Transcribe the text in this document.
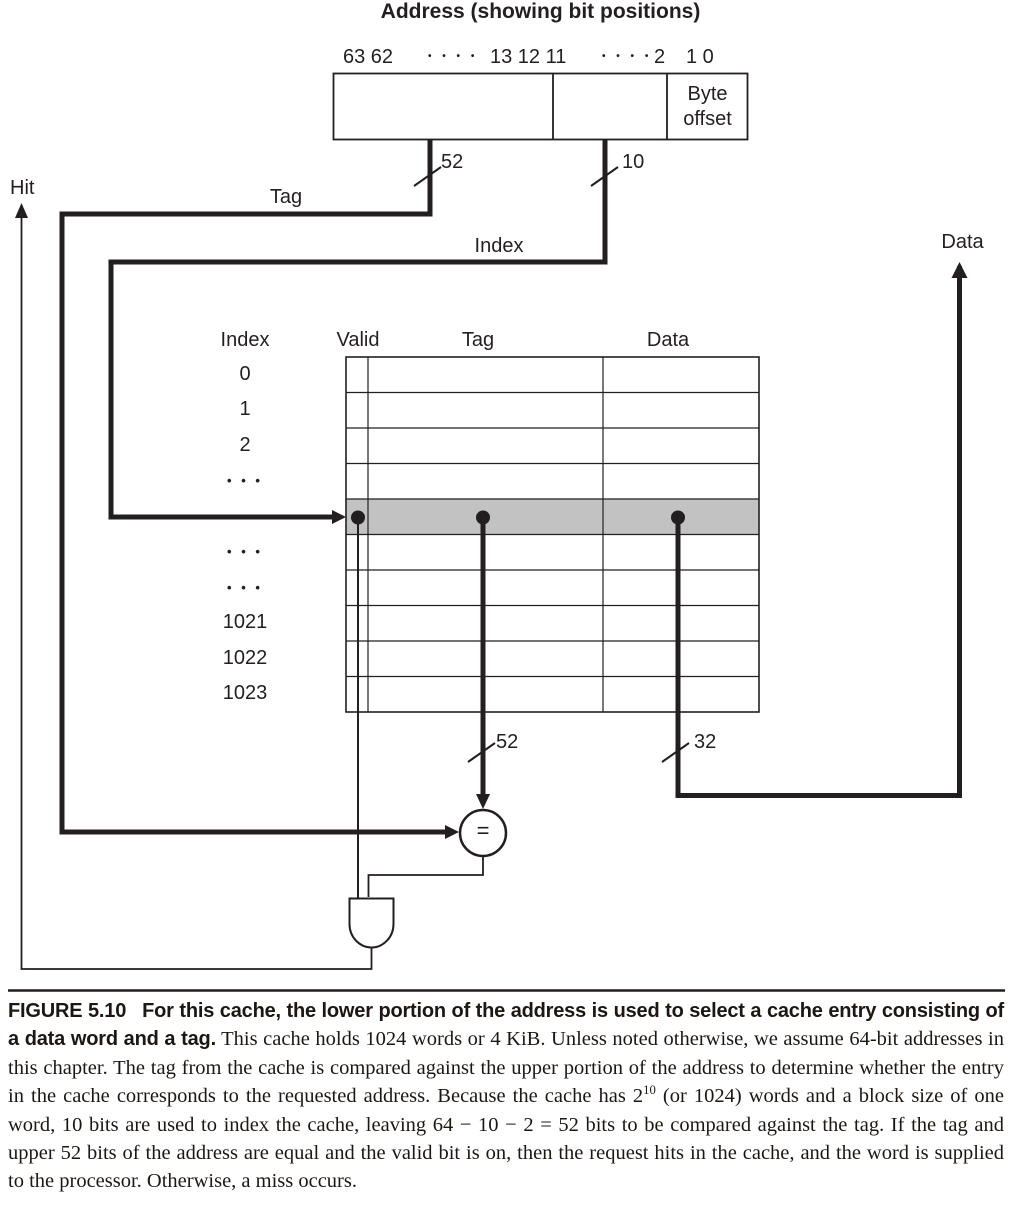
Address (showing bit positions)
63 62	• • • • 13 12 11	• • • • 2 1 0
Byte
offset
Hit	Tag
Index	Data
52	10
52	32
=
Index	Valid	Tag	Data
0
1
2
• • •
• • •
• • •
1021
1022
1023
FIGURE 5.10 For this cache, the lower portion of the address is used to select a cache entry consisting of a data word and a tag. This cache holds 1024 words or 4 KiB. Unless noted otherwise, we assume 64-bit addresses in this chapter. The tag from the cache is compared against the upper portion of the address to determine whether the entry in the cache corresponds to the requested address. Because the cache has $2^{10}$ (or 1024) words and a block size of one word, 10 bits are used to index the cache, leaving 64 − 10 − 2 = 52 bits to be compared against the tag. If the tag and upper 52 bits of the address are equal and the valid bit is on, then the request hits in the cache, and the word is supplied to the processor. Otherwise, a miss occurs.
